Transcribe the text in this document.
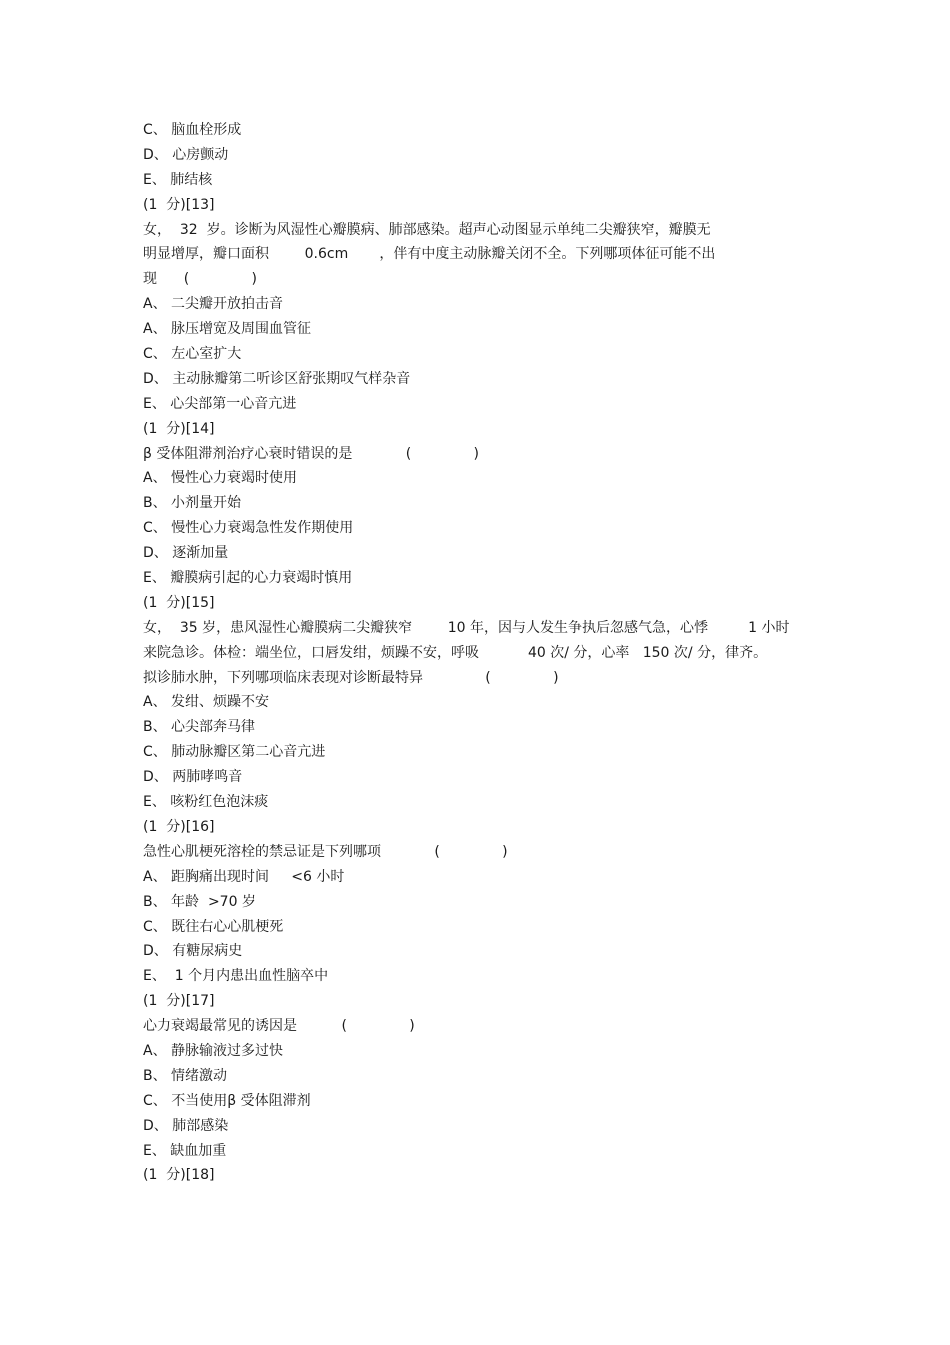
C、 脑血栓形成
D、 心房颤动
E、 肺结核
(1  分)[13]
女，  32  岁。诊断为风湿性心瓣膜病、肺部感染。超声心动图显示单纯二尖瓣狭窄，瓣膜无
明显增厚，瓣口面积        0.6cm       ，伴有中度主动脉瓣关闭不全。下列哪项体征可能不出
现      (              )
A、 二尖瓣开放拍击音
A、 脉压增宽及周围血管征
C、 左心室扩大
D、 主动脉瓣第二听诊区舒张期叹气样杂音
E、 心尖部第一心音亢进
(1  分)[14]
β 受体阻滞剂治疗心衰时错误的是            (              )
A、 慢性心力衰竭时使用
B、 小剂量开始
C、 慢性心力衰竭急性发作期使用
D、 逐渐加量
E、 瓣膜病引起的心力衰竭时慎用
(1  分)[15]
女，  35 岁，患风湿性心瓣膜病二尖瓣狭窄        10 年，因与人发生争执后忽感气急，心悸         1 小时
来院急诊。体检：端坐位，口唇发绀，烦躁不安，呼吸           40 次/ 分，心率   150 次/ 分，律齐。
拟诊肺水肿，下列哪项临床表现对诊断最特异              (              )
A、 发绀、烦躁不安
B、 心尖部奔马律
C、 肺动脉瓣区第二心音亢进
D、 两肺哮鸣音
E、 咳粉红色泡沫痰
(1  分)[16]
急性心肌梗死溶栓的禁忌证是下列哪项            (              )
A、 距胸痛出现时间     <6 小时
B、 年龄  >70 岁
C、 既往右心心肌梗死
D、 有糖尿病史
E、  1 个月内患出血性脑卒中
(1  分)[17]
心力衰竭最常见的诱因是          (              )
A、 静脉输液过多过快
B、 情绪激动
C、 不当使用β 受体阻滞剂
D、 肺部感染
E、 缺血加重
(1  分)[18]
